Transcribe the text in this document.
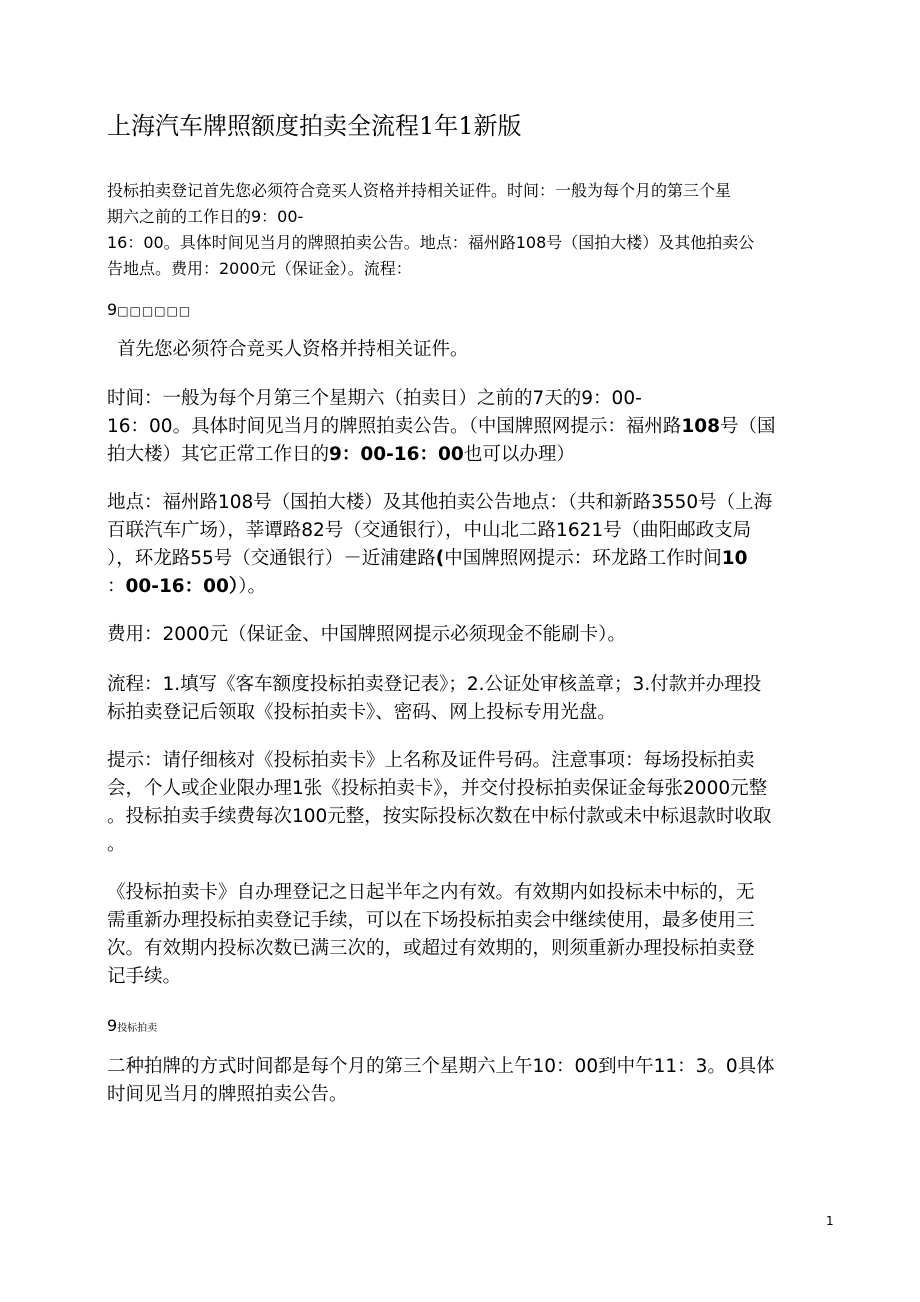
上海汽车牌照额度拍卖全流程1年1新版
投标拍卖登记首先您必须符合竞买人资格并持相关证件。时间：一般为每个月的第三个星
期六之前的工作日的9：00-
16：00。具体时间见当月的牌照拍卖公告。地点：福州路108号（国拍大楼）及其他拍卖公
告地点。费用：2000元（保证金）。流程：
9□□□□□□
首先您必须符合竞买人资格并持相关证件。
时间：一般为每个月第三个星期六（拍卖日）之前的7天的9：00-
16：00。具体时间见当月的牌照拍卖公告。（中国牌照网提示：福州路108号（国
拍大楼）其它正常工作日的9：00-16：00也可以办理）
地点：福州路108号（国拍大楼）及其他拍卖公告地点：（共和新路3550号（上海
百联汽车广场），莘谭路82号（交通银行），中山北二路1621号（曲阳邮政支局
），环龙路55号（交通银行）－近浦建路(中国牌照网提示：环龙路工作时间10
：00-16：00））。
费用：2000元（保证金、中国牌照网提示必须现金不能刷卡）。
流程：1.填写《客车额度投标拍卖登记表》；2.公证处审核盖章；3.付款并办理投
标拍卖登记后领取《投标拍卖卡》、密码、网上投标专用光盘。
提示：请仔细核对《投标拍卖卡》上名称及证件号码。注意事项：每场投标拍卖
会，个人或企业限办理1张《投标拍卖卡》，并交付投标拍卖保证金每张2000元整
。投标拍卖手续费每次100元整，按实际投标次数在中标付款或未中标退款时收取
。
《投标拍卖卡》自办理登记之日起半年之内有效。有效期内如投标未中标的，无
需重新办理投标拍卖登记手续，可以在下场投标拍卖会中继续使用，最多使用三
次。有效期内投标次数已满三次的，或超过有效期的，则须重新办理投标拍卖登
记手续。
9投标拍卖
二种拍牌的方式时间都是每个月的第三个星期六上午10：00到中午11：3。0具体
时间见当月的牌照拍卖公告。
1
